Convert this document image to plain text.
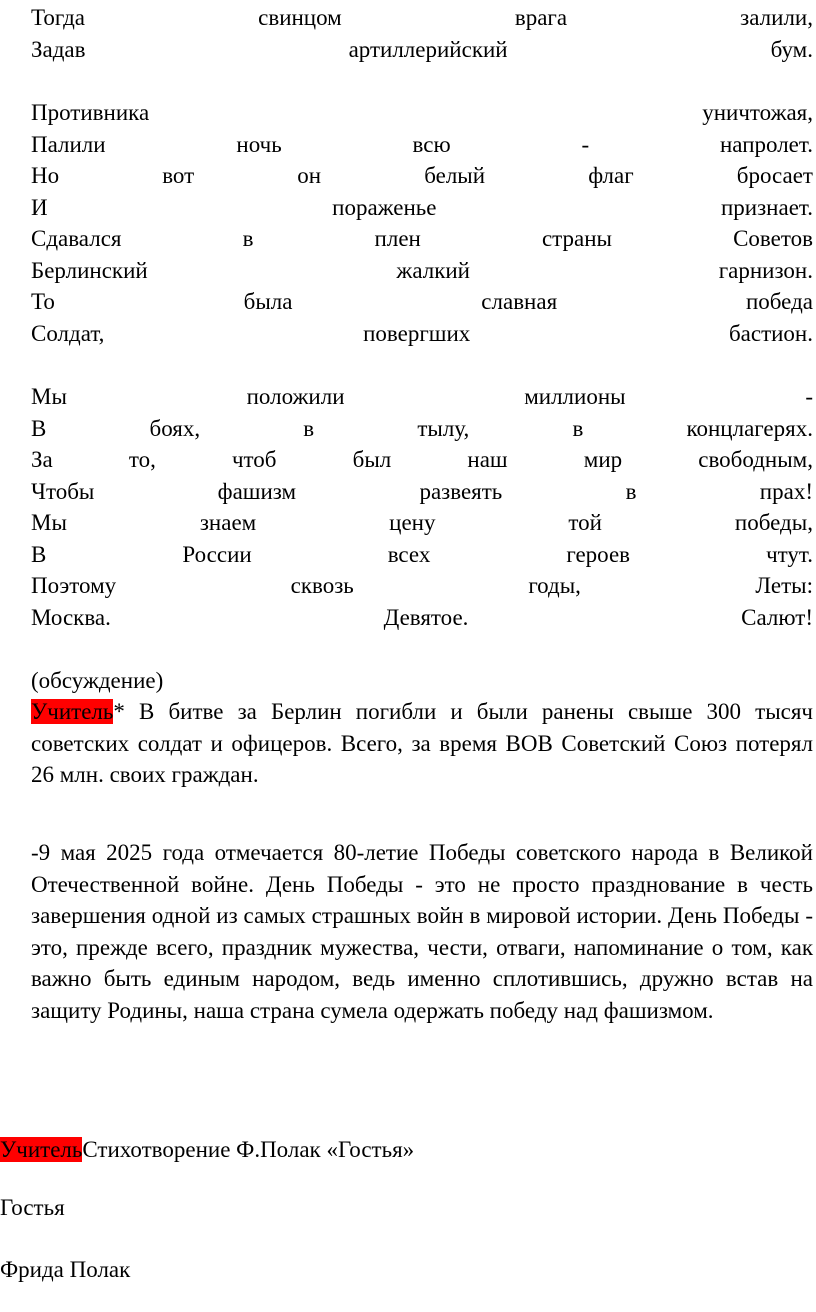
Тогда	свинцом	врага	залили,
Задав	артиллерийский	бум.
Противника	уничтожая,
Палили	ночь	всю	-	напролет.
Но	вот	он	белый	флаг	бросает
И	пораженье	признает.
Сдавался	в	плен	страны	Советов
Берлинский	жалкий	гарнизон.
То	была	славная	победа
Солдат,	повергших	бастион.
Мы	положили	миллионы	-
В	боях,	в	тылу,	в	концлагерях.
За	то,	чтоб	был	наш	мир	свободным,
Чтобы	фашизм	развеять	в	прах!
Мы	знаем	цену	той	победы,
В	России	всех	героев	чтут.
Поэтому	сквозь	годы,	Леты:
Москва.	Девятое.	Салют!

(обсуждение)

Учитель* В битве за Берлин погибли и были ранены свыше 300 тысяч советских солдат и офицеров. Всего, за время ВОВ Советский Союз потерял 26 млн. своих граждан.

-9 мая 2025 года отмечается 80-летие Победы советского народа в Великой Отечественной войне. День Победы - это не просто празднование в честь завершения одной из самых страшных войн в мировой истории. День Победы - это, прежде всего, праздник мужества, чести, отваги, напоминание о том, как важно быть единым народом, ведь именно сплотившись, дружно встав на защиту Родины, наша страна сумела одержать победу над фашизмом.

УчительСтихотворение Ф.Полак «Гостья»

Гостья

Фрида Полак
